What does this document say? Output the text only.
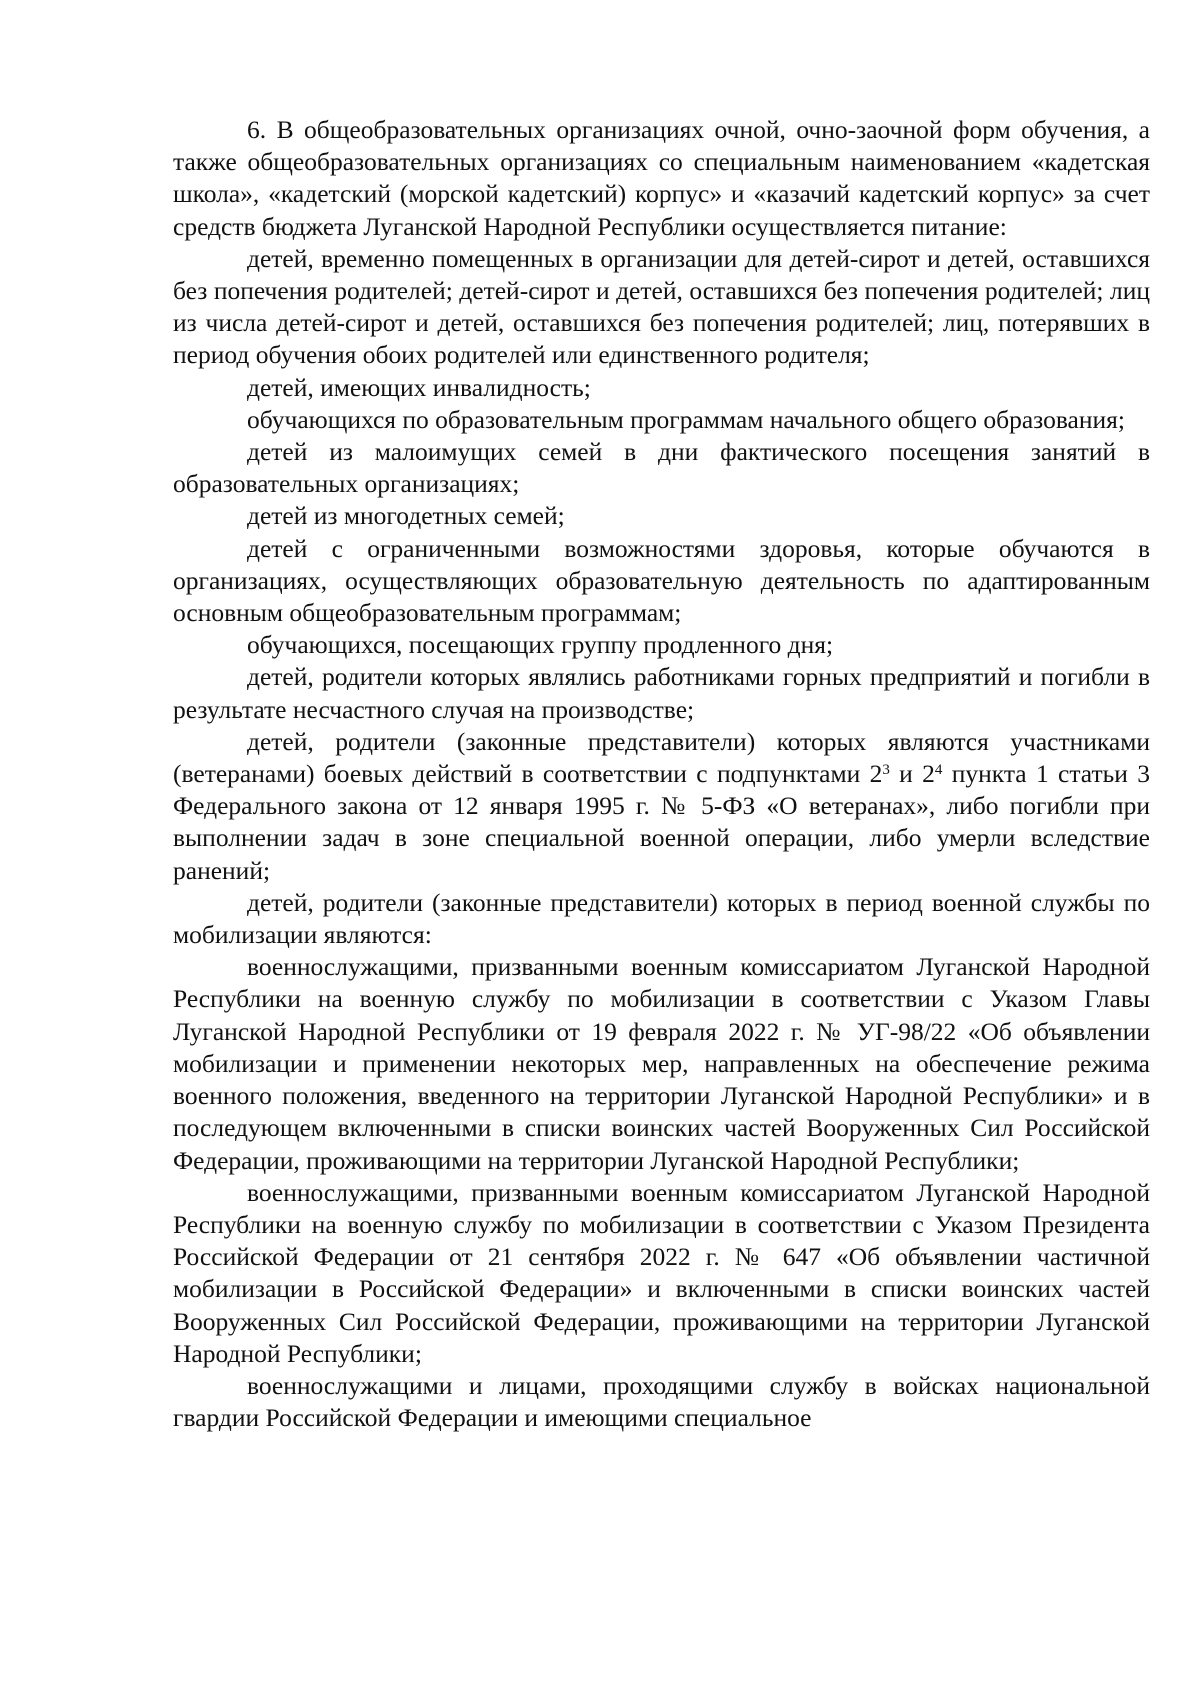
6. В общеобразовательных организациях очной, очно-заочной форм обучения, а также общеобразовательных организациях со специальным наименованием «кадетская школа», «кадетский (морской кадетский) корпус» и «казачий кадетский корпус» за счет средств бюджета Луганской Народной Республики осуществляется питание:

детей, временно помещенных в организации для детей-сирот и детей, оставшихся без попечения родителей; детей-сирот и детей, оставшихся без попечения родителей; лиц из числа детей-сирот и детей, оставшихся без попечения родителей; лиц, потерявших в период обучения обоих родителей или единственного родителя;

детей, имеющих инвалидность;

обучающихся по образовательным программам начального общего образования;

детей из малоимущих семей в дни фактического посещения занятий в образовательных организациях;

детей из многодетных семей;

детей с ограниченными возможностями здоровья, которые обучаются в организациях, осуществляющих образовательную деятельность по адаптированным основным общеобразовательным программам;

обучающихся, посещающих группу продленного дня;

детей, родители которых являлись работниками горных предприятий и погибли в результате несчастного случая на производстве;

детей, родители (законные представители) которых являются участниками (ветеранами) боевых действий в соответствии с подпунктами $2^3$ и $2^4$ пункта 1 статьи 3 Федерального закона от 12 января 1995 г. № 5-ФЗ «О ветеранах», либо погибли при выполнении задач в зоне специальной военной операции, либо умерли вследствие ранений;

детей, родители (законные представители) которых в период военной службы по мобилизации являются:

военнослужащими, призванными военным комиссариатом Луганской Народной Республики на военную службу по мобилизации в соответствии с Указом Главы Луганской Народной Республики от 19 февраля 2022 г. № УГ-98/22 «Об объявлении мобилизации и применении некоторых мер, направленных на обеспечение режима военного положения, введенного на территории Луганской Народной Республики» и в последующем включенными в списки воинских частей Вооруженных Сил Российской Федерации, проживающими на территории Луганской Народной Республики;

военнослужащими, призванными военным комиссариатом Луганской Народной Республики на военную службу по мобилизации в соответствии с Указом Президента Российской Федерации от 21 сентября 2022 г. № 647 «Об объявлении частичной мобилизации в Российской Федерации» и включенными в списки воинских частей Вооруженных Сил Российской Федерации, проживающими на территории Луганской Народной Республики;

военнослужащими и лицами, проходящими службу в войсках национальной гвардии Российской Федерации и имеющими специальное
